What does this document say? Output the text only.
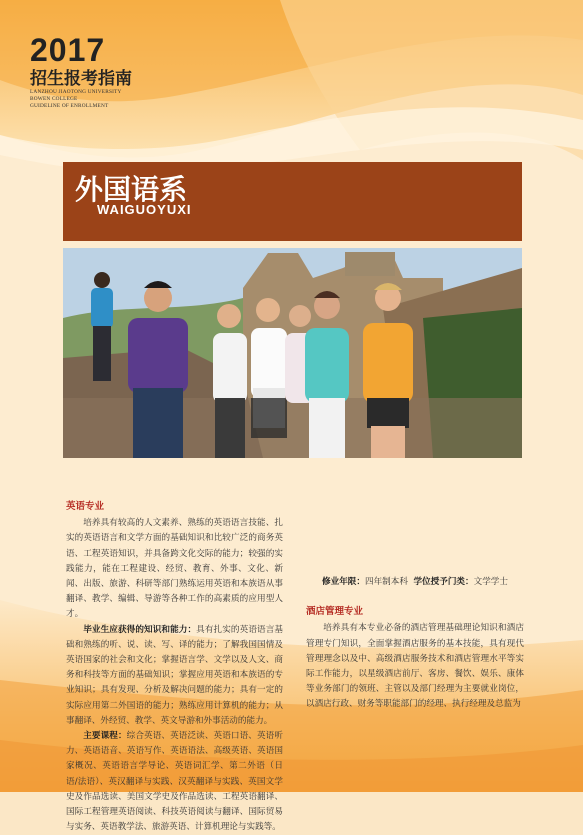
2017
招生报考指南
LANZHOU JIAOTONG UNIVERSITY
BOWEN COLLEGE
GUIDELINE OF ENROLLMENT
外国语系
WAIGUOYUXI

英语专业

培养具有较高的人文素养、熟练的英语语言技能、扎实的英语语言和文学方面的基础知识和比较广泛的商务英语、工程英语知识，并具备跨文化交际的能力；较强的实践能力，能在工程建设、经贸、教育、外事、文化、新闻、出版、旅游、科研等部门熟练运用英语和本族语从事翻译、教学、编辑、导游等各种工作的高素质的应用型人才。

毕业生应获得的知识和能力：具有扎实的英语语言基础和熟练的听、说、读、写、译的能力；了解我国国情及英语国家的社会和文化；掌握语言学、文学以及人文、商务和科技等方面的基础知识；掌握应用英语和本族语的专业知识；具有发现、分析及解决问题的能力；具有一定的实际应用第二外国语的能力；熟练应用计算机的能力；从事翻译、外经贸、教学、英文导游和外事活动的能力。

主要课程：综合英语、英语泛读、英语口语、英语听力、英语语音、英语写作、英语语法、高级英语、英语国家概况、英语语言学导论、英语词汇学、第二外语（日语/法语）、英汉翻译与实践、汉英翻译与实践、英国文学史及作品选读、美国文学史及作品选读、工程英语翻译、国际工程管理英语阅读、科技英语阅读与翻译、国际贸易与实务、英语教学法、旅游英语、计算机理论与实践等。

修业年限：四年制本科 学位授予门类：文学学士

酒店管理专业

培养具有本专业必备的酒店管理基础理论知识和酒店管理专门知识，全面掌握酒店服务的基本技能，具有现代管理理念以及中、高级酒店服务技术和酒店管理水平等实际工作能力，以星级酒店前厅、客房、餐饮、娱乐、康体等业务部门的领班、主管以及部门经理为主要就业岗位，以酒店行政、财务等职能部门的经理、执行经理及总监为
